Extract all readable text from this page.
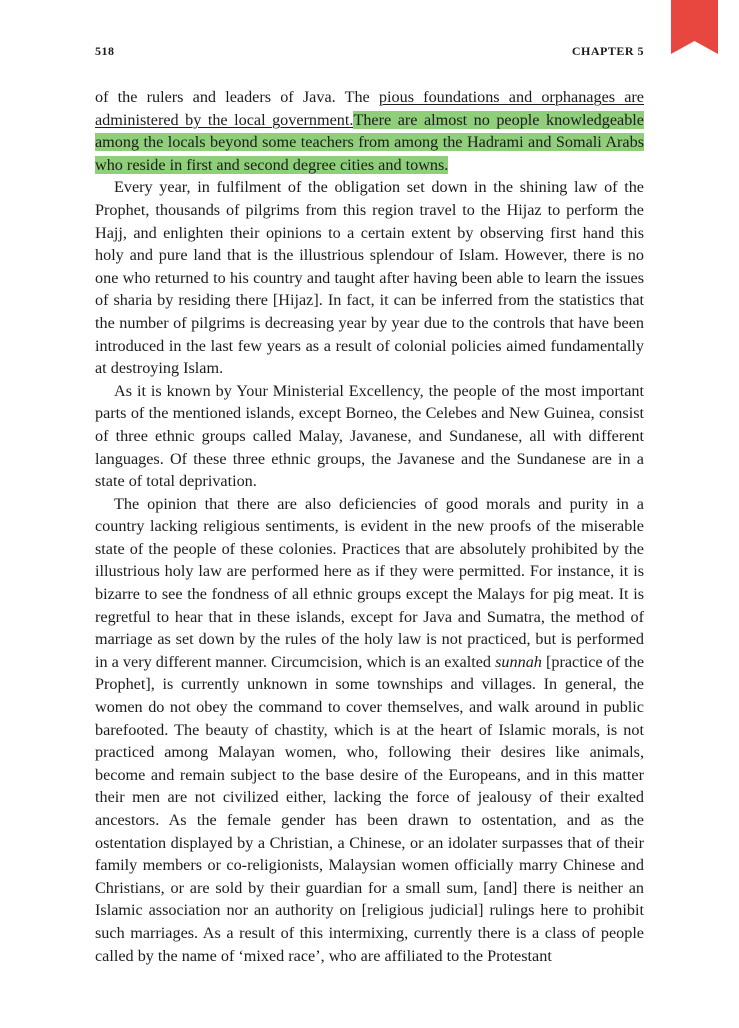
518	CHAPTER 5

of the rulers and leaders of Java. The pious foundations and orphanages are administered by the local government.There are almost no people knowledgeable among the locals beyond some teachers from among the Hadrami and Somali Arabs who reside in first and second degree cities and towns.

Every year, in fulfilment of the obligation set down in the shining law of the Prophet, thousands of pilgrims from this region travel to the Hijaz to perform the Hajj, and enlighten their opinions to a certain extent by observing first hand this holy and pure land that is the illustrious splendour of Islam. However, there is no one who returned to his country and taught after having been able to learn the issues of sharia by residing there [Hijaz]. In fact, it can be inferred from the statistics that the number of pilgrims is decreasing year by year due to the controls that have been introduced in the last few years as a result of colonial policies aimed fundamentally at destroying Islam.

As it is known by Your Ministerial Excellency, the people of the most important parts of the mentioned islands, except Borneo, the Celebes and New Guinea, consist of three ethnic groups called Malay, Javanese, and Sundanese, all with different languages. Of these three ethnic groups, the Javanese and the Sundanese are in a state of total deprivation.

The opinion that there are also deficiencies of good morals and purity in a country lacking religious sentiments, is evident in the new proofs of the miserable state of the people of these colonies. Practices that are absolutely prohibited by the illustrious holy law are performed here as if they were permitted. For instance, it is bizarre to see the fondness of all ethnic groups except the Malays for pig meat. It is regretful to hear that in these islands, except for Java and Sumatra, the method of marriage as set down by the rules of the holy law is not practiced, but is performed in a very different manner. Circumcision, which is an exalted sunnah [practice of the Prophet], is currently unknown in some townships and villages. In general, the women do not obey the command to cover themselves, and walk around in public barefooted. The beauty of chastity, which is at the heart of Islamic morals, is not practiced among Malayan women, who, following their desires like animals, become and remain subject to the base desire of the Europeans, and in this matter their men are not civilized either, lacking the force of jealousy of their exalted ancestors. As the female gender has been drawn to ostentation, and as the ostentation displayed by a Christian, a Chinese, or an idolater surpasses that of their family members or co-religionists, Malaysian women officially marry Chinese and Christians, or are sold by their guardian for a small sum, [and] there is neither an Islamic association nor an authority on [religious judicial] rulings here to prohibit such marriages. As a result of this intermixing, currently there is a class of people called by the name of ‘mixed race’, who are affiliated to the Protestant
